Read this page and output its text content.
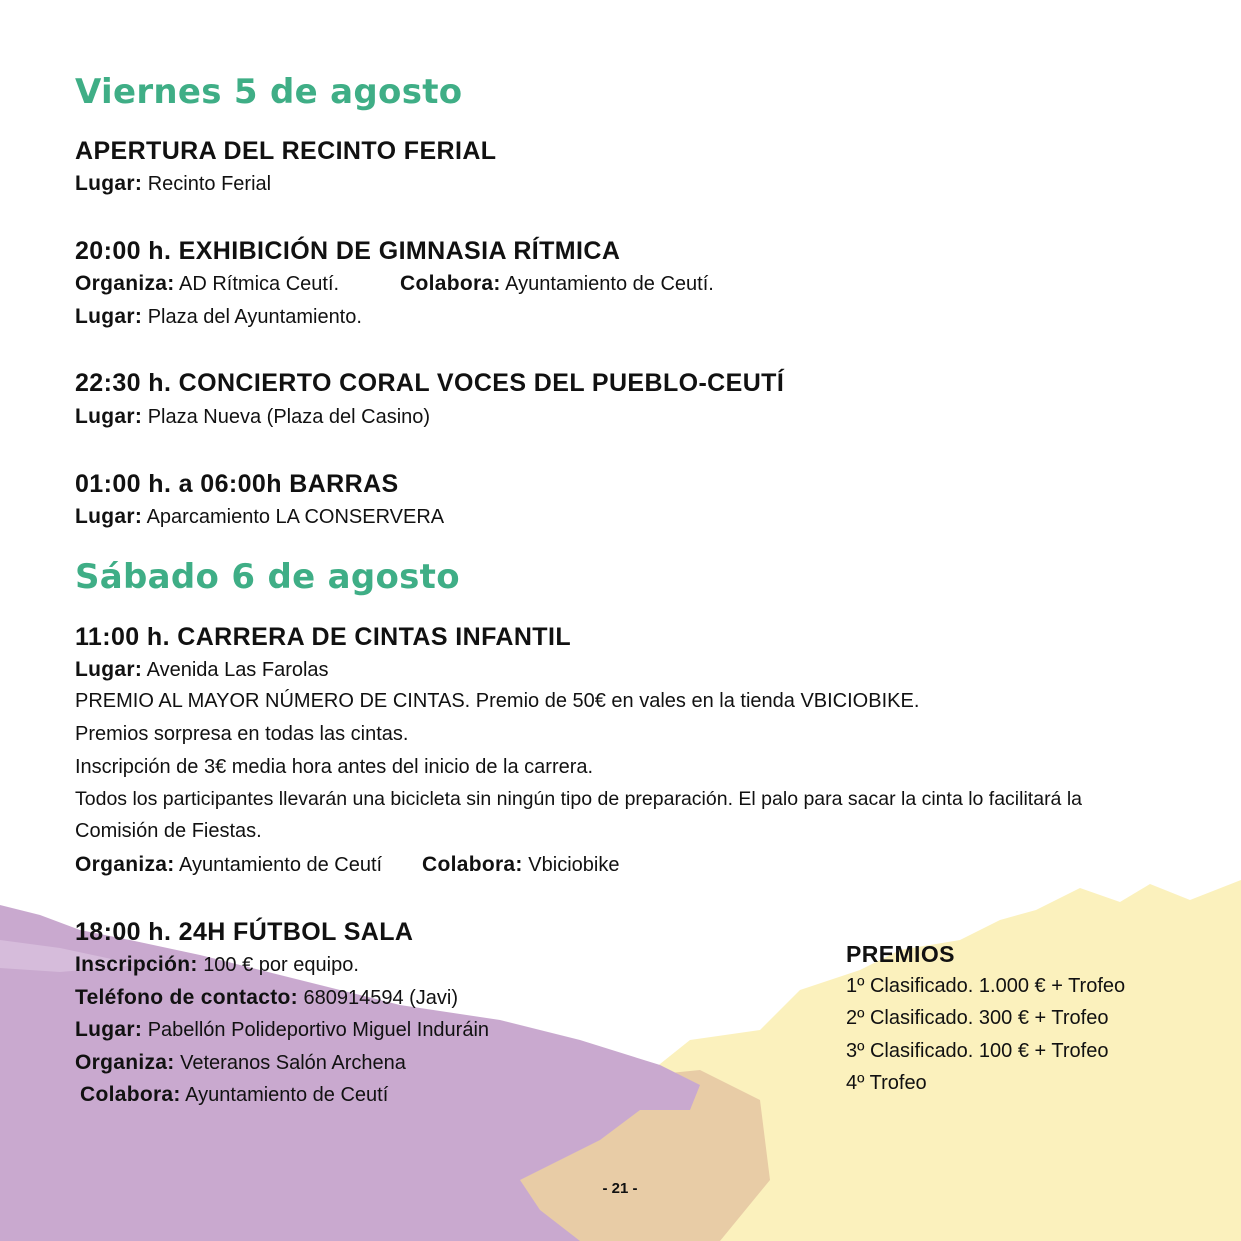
Viernes 5 de agosto
APERTURA DEL RECINTO FERIAL
Lugar: Recinto Ferial
20:00 h. EXHIBICIÓN DE GIMNASIA RÍTMICA
Organiza: AD Rítmica Ceutí.	Colabora: Ayuntamiento de Ceutí.
Lugar: Plaza del Ayuntamiento.
22:30 h. CONCIERTO CORAL VOCES DEL PUEBLO-CEUTÍ
Lugar: Plaza Nueva (Plaza del Casino)
01:00 h. a 06:00h BARRAS
Lugar: Aparcamiento LA CONSERVERA
Sábado 6 de agosto
11:00 h. CARRERA DE CINTAS INFANTIL
Lugar: Avenida Las Farolas
PREMIO AL MAYOR NÚMERO DE CINTAS. Premio de 50€ en vales en la tienda VBICIOBIKE.
Premios sorpresa en todas las cintas.
Inscripción de 3€ media hora antes del inicio de la carrera.
Todos los participantes llevarán una bicicleta sin ningún tipo de preparación. El palo para sacar la cinta lo facilitará la
Comisión de Fiestas.
Organiza: Ayuntamiento de Ceutí Colabora: Vbiciobike
18:00 h. 24H FÚTBOL SALA
Inscripción: 100 € por equipo.
Teléfono de contacto: 680914594 (Javi)
Lugar: Pabellón Polideportivo Miguel Induráin
Organiza: Veteranos Salón Archena
Colabora: Ayuntamiento de Ceutí
PREMIOS
1º Clasificado. 1.000 € + Trofeo
2º Clasificado. 300 € + Trofeo
3º Clasificado. 100 € + Trofeo
4º Trofeo
- 21 -
